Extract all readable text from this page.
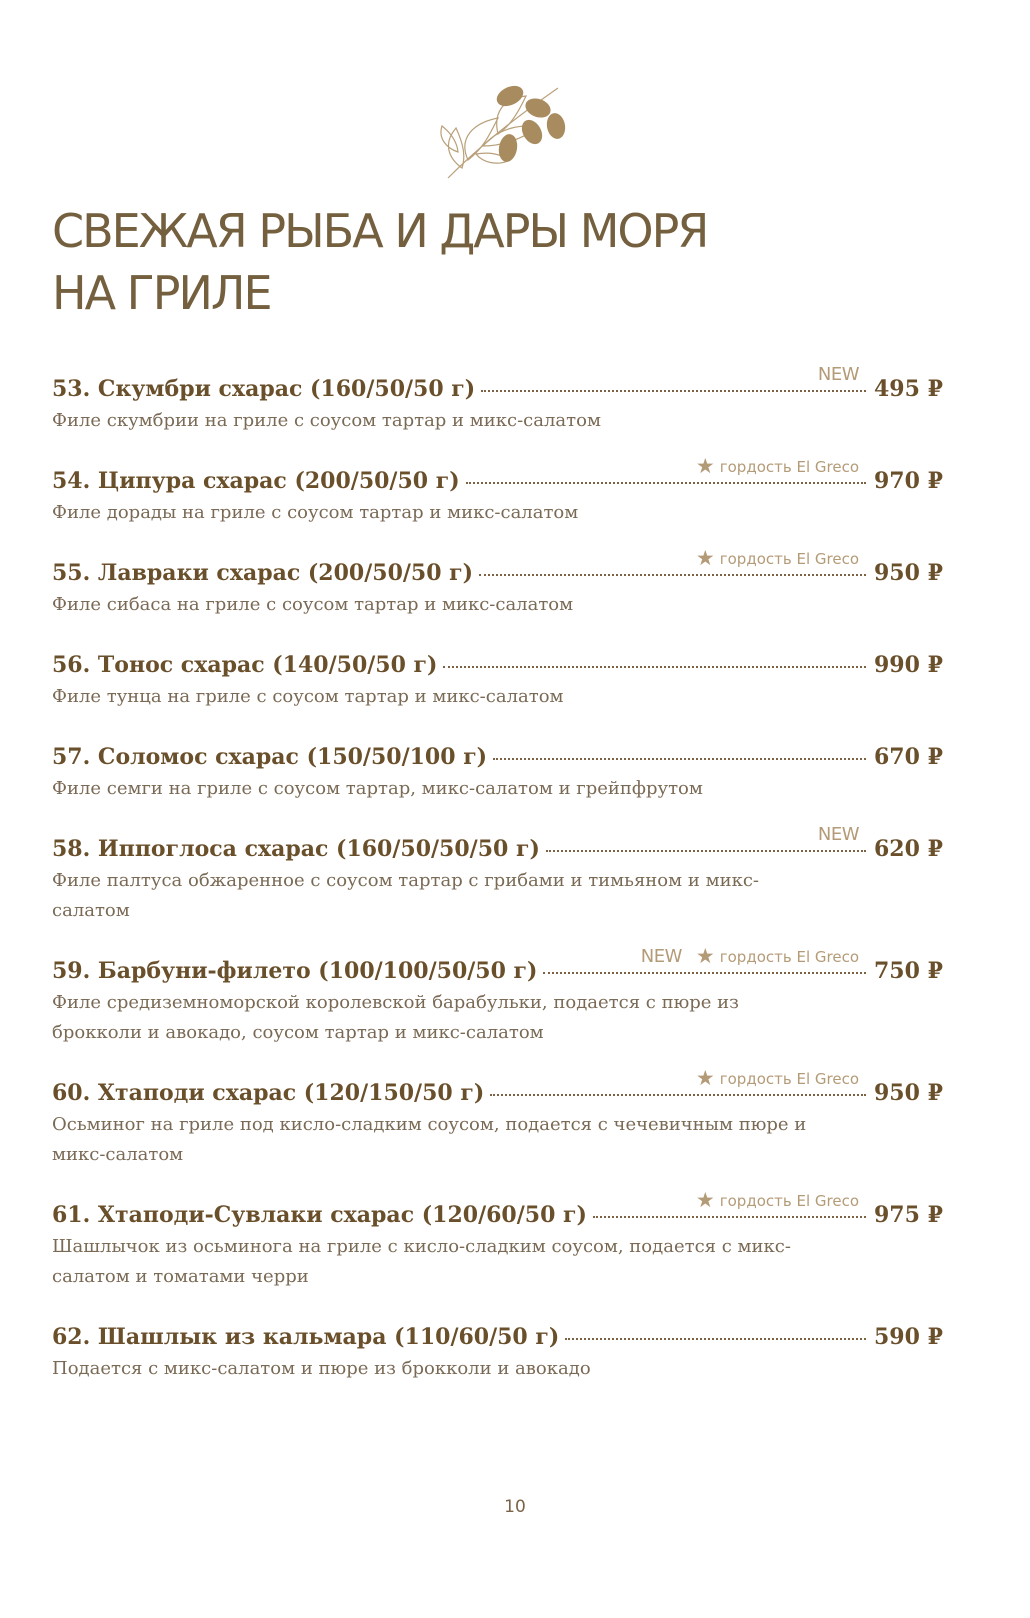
СВЕЖАЯ РЫБА И ДАРЫ МОРЯ
НА ГРИЛЕ
53. Скумбри схарас (160/50/50 г)	495 ₽
NEW
Филе скумбрии на гриле с соусом тартар и микс-салатом
54. Ципура схарас (200/50/50 г)	970 ₽
★ гордость El Greco
Филе дорады на гриле с соусом тартар и микс-салатом
55. Лавраки схарас (200/50/50 г)	950 ₽
★ гордость El Greco
Филе сибаса на гриле с соусом тартар и микс-салатом
56. Тонос схарас (140/50/50 г)	990 ₽
Филе тунца на гриле с соусом тартар и микс-салатом
57. Соломос схарас (150/50/100 г)	670 ₽
Филе семги на гриле с соусом тартар, микс-салатом и грейпфрутом
58. Иппоглоса схарас (160/50/50/50 г)	620 ₽
NEW
Филе палтуса обжаренное с соусом тартар с грибами и тимьяном и микс-салатом
59. Барбуни-филето (100/100/50/50 г)	750 ₽
NEW ★ гордость El Greco
Филе средиземноморской королевской барабульки, подается с пюре из брокколи и авокадо, соусом тартар и микс-салатом
60. Хтаподи схарас (120/150/50 г)	950 ₽
★ гордость El Greco
Осьминог на гриле под кисло-сладким соусом, подается с чечевичным пюре и микс-салатом
61. Хтаподи-Сувлаки схарас (120/60/50 г)	975 ₽
★ гордость El Greco
Шашлычок из осьминога на гриле с кисло-сладким соусом, подается с микс-салатом и томатами черри
62. Шашлык из кальмара (110/60/50 г)	590 ₽
Подается с микс-салатом и пюре из брокколи и авокадо
10
